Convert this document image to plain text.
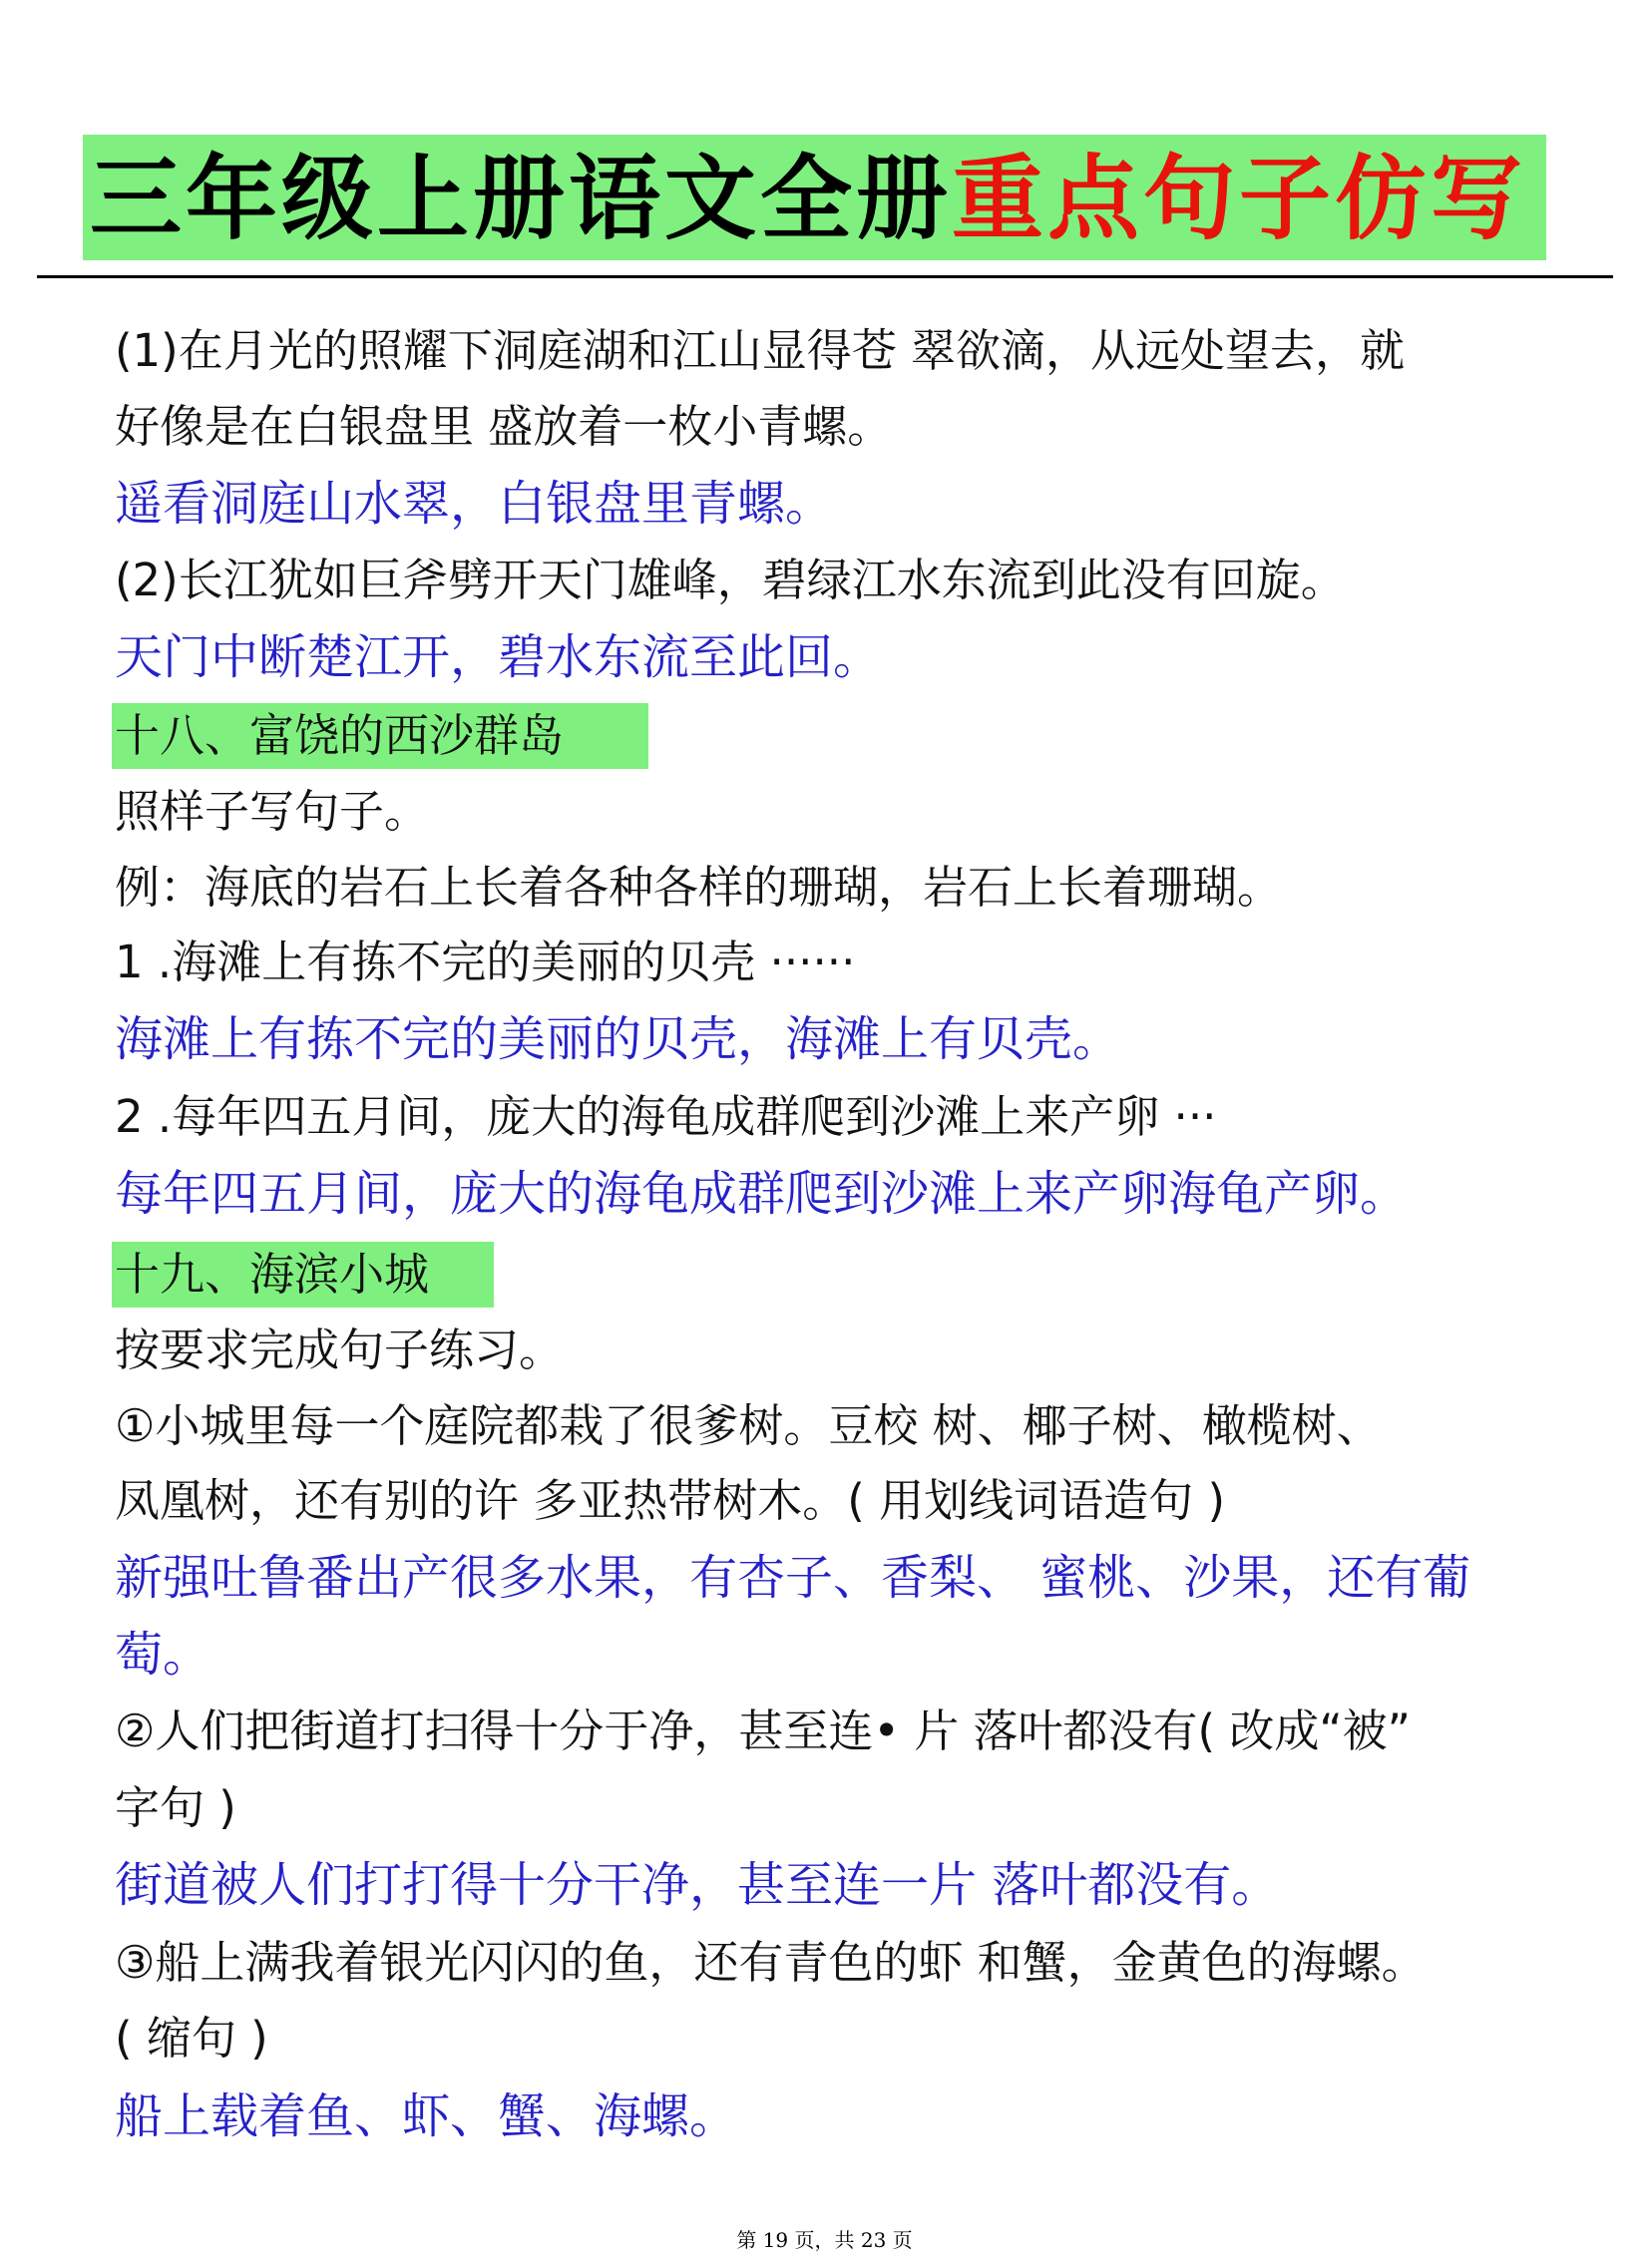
三年级上册语文全册重点句子仿写
(1)在月光的照耀下洞庭湖和江山显得苍 翠欲滴，从远处望去，就
好像是在白银盘里 盛放着一枚小青螺。
遥看洞庭山水翠，白银盘里青螺。
(2)长江犹如巨斧劈开天门雄峰，碧绿江水东流到此没有回旋。
天门中断楚江开，碧水东流至此回。
十八、富饶的西沙群岛
照样子写句子。
例：海底的岩石上长着各种各样的珊瑚，岩石上长着珊瑚。
1 .海滩上有拣不完的美丽的贝壳 ······
海滩上有拣不完的美丽的贝壳，海滩上有贝壳。
2 .每年四五月间，庞大的海龟成群爬到沙滩上来产卵 ···
每年四五月间，庞大的海龟成群爬到沙滩上来产卵海龟产卵。
十九、海滨小城
按要求完成句子练习。
①小城里每一个庭院都栽了很爹树。豆校 树、椰子树、橄榄树、
凤凰树，还有别的许 多亚热带树木。( 用划线词语造句 )
新强吐鲁番出产很多水果，有杏子、香梨、 蜜桃、沙果，还有葡
萄。
②人们把街道打扫得十分于净，甚至连• 片 落叶都没有( 改成“被”
字句 )
街道被人们打打得十分干净，甚至连一片 落叶都没有。
③船上满我着银光闪闪的鱼，还有青色的虾 和蟹，金黄色的海螺。
( 缩句 )
船上载着鱼、虾、蟹、海螺。
第 19 页，共 23 页
